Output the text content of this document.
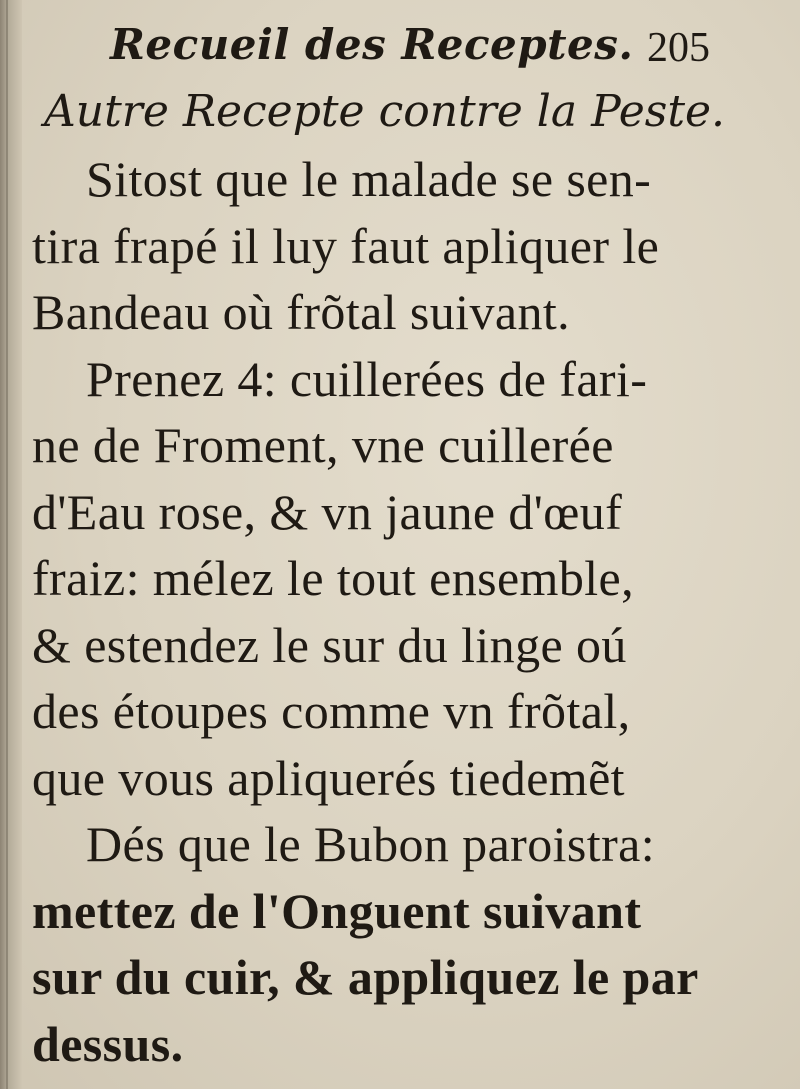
Recueil des Receptes. 205
Autre Recepte contre la Peste.
Sitost que le malade se sen-
tira frapé il luy faut apliquer le
Bandeau où frõtal suivant.
Prenez 4: cuillerées de fari-
ne de Froment, vne cuillerée
d'Eau rose, & vn jaune d'œuf
fraiz: mélez le tout ensemble,
& estendez le sur du linge oú
des étoupes comme vn frõtal,
que vous apliquerés tiedemẽt
Dés que le Bubon paroistra:
mettez de l'Onguent suivant
sur du cuir, & appliquez le par
dessus.
